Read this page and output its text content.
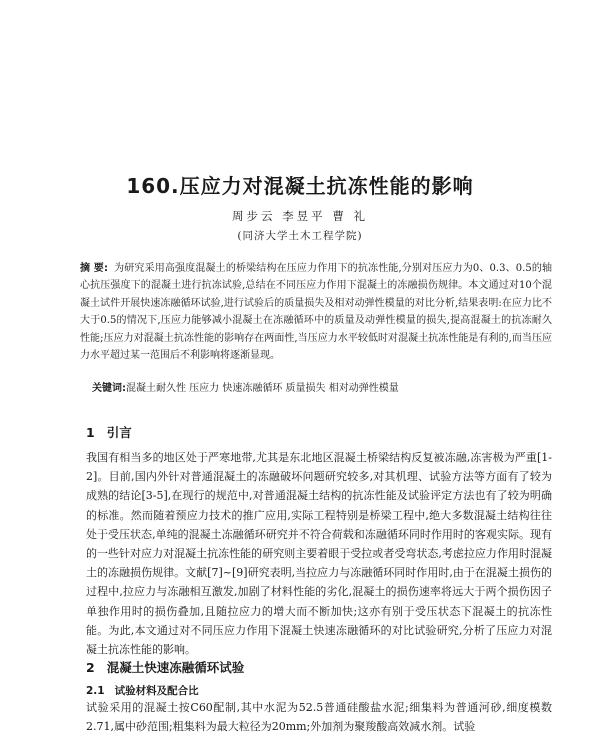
160.压应力对混凝土抗冻性能的影响
周步云 李昱平 曹 礼
(同济大学土木工程学院)

摘 要: 为研究采用高强度混凝土的桥梁结构在压应力作用下的抗冻性能,分别对压应力为0、0.3、0.5的轴心抗压强度下的混凝土进行抗冻试验,总结在不同压应力作用下混凝土的冻融损伤规律。本文通过对10个混凝土试件开展快速冻融循环试验,进行试验后的质量损失及相对动弹性模量的对比分析,结果表明:在应力比不大于0.5的情况下,压应力能够减小混凝土在冻融循环中的质量及动弹性模量的损失,提高混凝土的抗冻耐久性能;压应力对混凝土抗冻性能的影响存在两面性,当压应力水平较低时对混凝土抗冻性能是有利的,而当压应力水平超过某一范围后不利影响将逐渐显现。

关键词:混凝土耐久性 压应力 快速冻融循环 质量损失 相对动弹性模量

1 引言

我国有相当多的地区处于严寒地带,尤其是东北地区混凝土桥梁结构反复被冻融,冻害极为严重[1-2]。目前,国内外针对普通混凝土的冻融破坏问题研究较多,对其机理、试验方法等方面有了较为成熟的结论[3-5],在现行的规范中,对普通混凝土结构的抗冻性能及试验评定方法也有了较为明确的标准。然而随着预应力技术的推广应用,实际工程特别是桥梁工程中,绝大多数混凝土结构往往处于受压状态,单纯的混凝土冻融循环研究并不符合荷载和冻融循环同时作用时的客观实际。现有的一些针对应力对混凝土抗冻性能的研究则主要着眼于受拉或者受弯状态,考虑拉应力作用时混凝土的冻融损伤规律。文献[7]~[9]研究表明,当拉应力与冻融循环同时作用时,由于在混凝土损伤的过程中,拉应力与冻融相互激发,加剧了材料性能的劣化,混凝土的损伤速率将远大于两个损伤因子单独作用时的损伤叠加,且随拉应力的增大而不断加快;这亦有别于受压状态下混凝土的抗冻性能。为此,本文通过对不同压应力作用下混凝土快速冻融循环的对比试验研究,分析了压应力对混凝土抗冻性能的影响。

2 混凝土快速冻融循环试验
2.1 试验材料及配合比

试验采用的混凝土按C60配制,其中水泥为52.5普通硅酸盐水泥;细集料为普通河砂,细度模数2.71,属中砂范围;粗集料为最大粒径为20mm;外加剂为聚羧酸高效减水剂。试验
